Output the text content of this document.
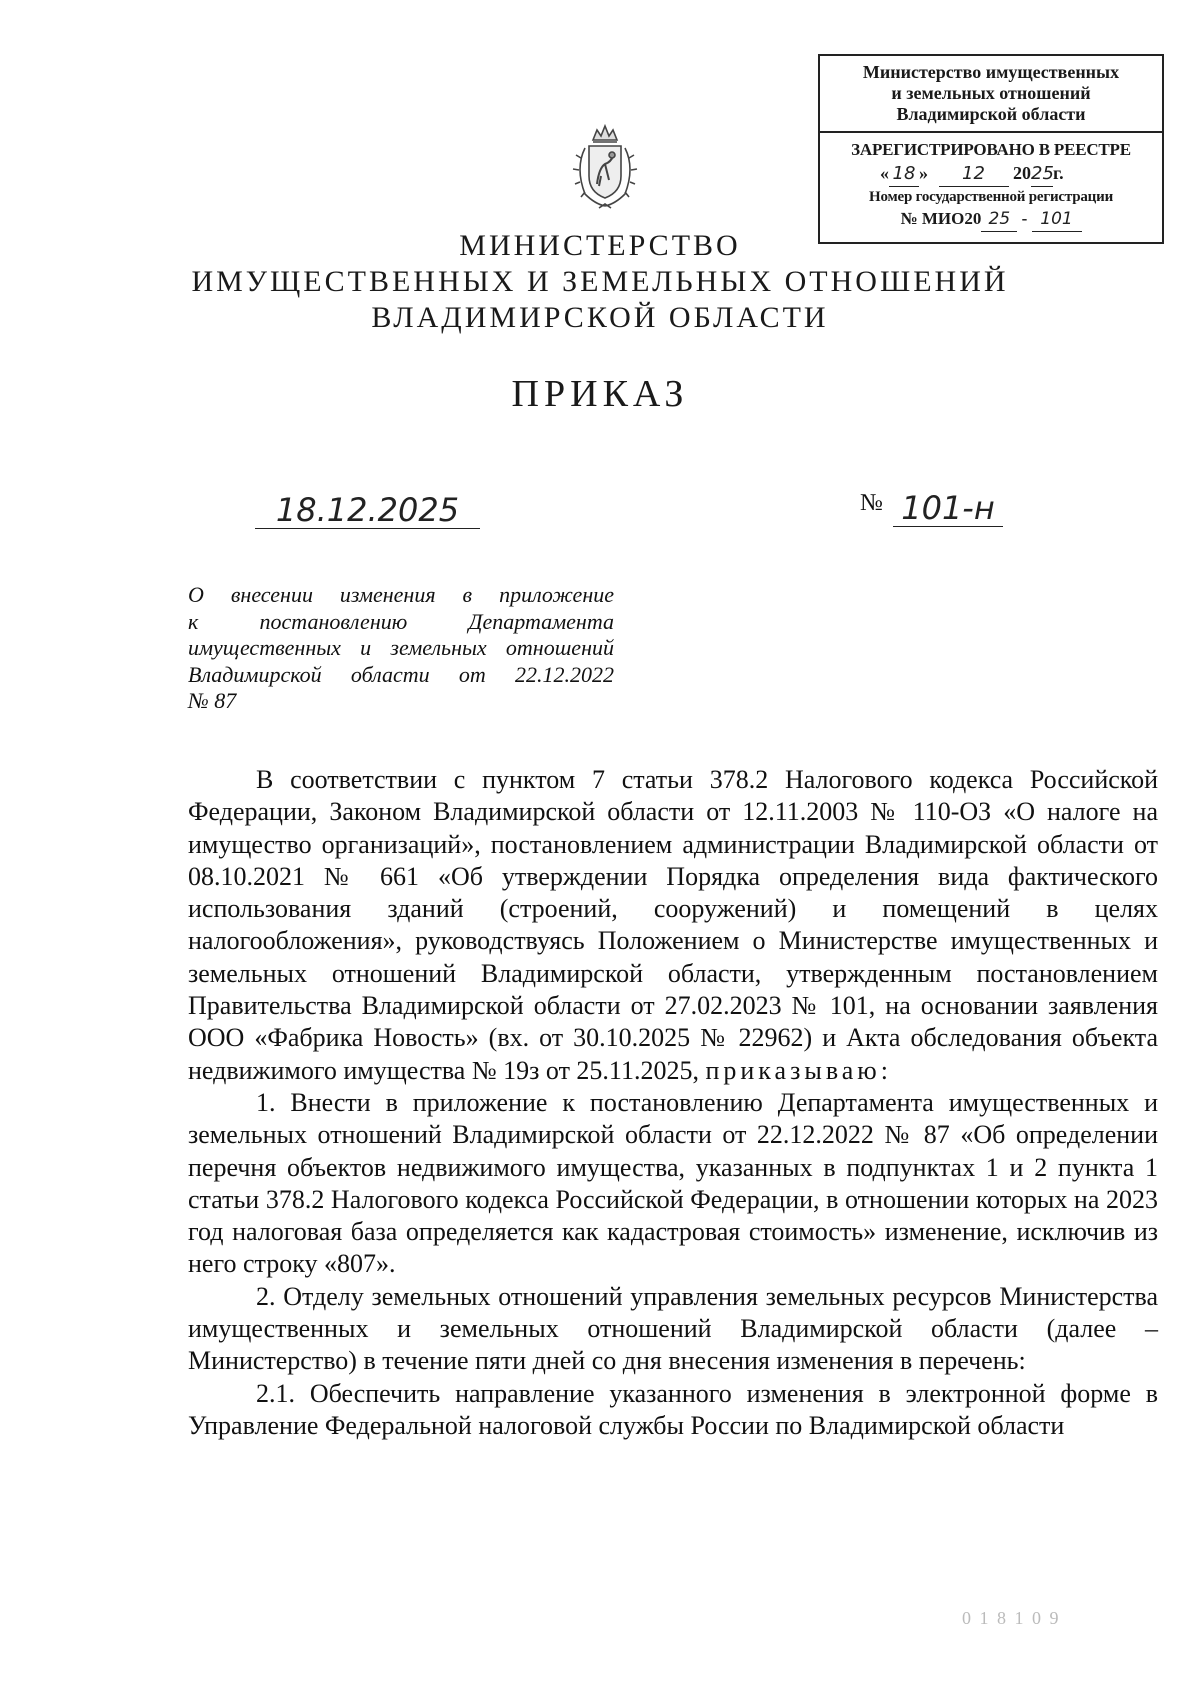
Министерство имущественных
и земельных отношений
Владимирской области
ЗАРЕГИСТРИРОВАНО В РЕЕСТРЕ
« 18 » 12 2025г.
Номер государственной регистрации
№ МИО20 25 - 101
МИНИСТЕРСТВО
ИМУЩЕСТВЕННЫХ И ЗЕМЕЛЬНЫХ ОТНОШЕНИЙ
ВЛАДИМИРСКОЙ ОБЛАСТИ
ПРИКАЗ
18.12.2025	№ 101-н
О внесении изменения в приложение
к постановлению Департамента
имущественных и земельных отношений
Владимирской области от 22.12.2022
№ 87

В соответствии с пунктом 7 статьи 378.2 Налогового кодекса Российской Федерации, Законом Владимирской области от 12.11.2003 № 110-ОЗ «О налоге на имущество организаций», постановлением администрации Владимирской области от 08.10.2021 № 661 «Об утверждении Порядка определения вида фактического использования зданий (строений, сооружений) и помещений в целях налогообложения», руководствуясь Положением о Министерстве имущественных и земельных отношений Владимирской области, утвержденным постановлением Правительства Владимирской области от 27.02.2023 № 101, на основании заявления ООО «Фабрика Новость» (вх. от 30.10.2025 № 22962) и Акта обследования объекта недвижимого имущества № 19з от 25.11.2025, приказываю:

1. Внести в приложение к постановлению Департамента имущественных и земельных отношений Владимирской области от 22.12.2022 № 87 «Об определении перечня объектов недвижимого имущества, указанных в подпунктах 1 и 2 пункта 1 статьи 378.2 Налогового кодекса Российской Федерации, в отношении которых на 2023 год налоговая база определяется как кадастровая стоимость» изменение, исключив из него строку «807».

2. Отделу земельных отношений управления земельных ресурсов Министерства имущественных и земельных отношений Владимирской области (далее – Министерство) в течение пяти дней со дня внесения изменения в перечень:

2.1. Обеспечить направление указанного изменения в электронной форме в Управление Федеральной налоговой службы России по Владимирской области

0 1 8 1 0 9
